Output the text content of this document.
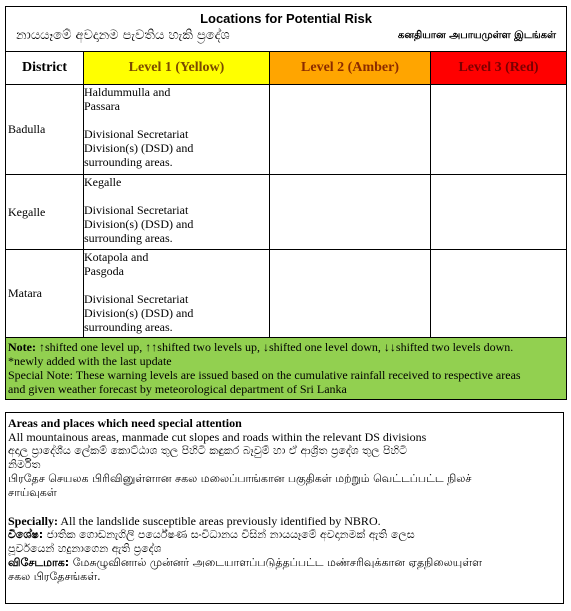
Locations for Potential Risk
නායයෑමේ අවදානම පැවතිය හැකි ප්‍රදේශ கனதியான அபாயமுள்ள இடங்கள்			

District	Level 1 (Yellow)	Level 2 (Amber)	Level 3 (Red)
Badulla	Haldummulla and
Passara
Divisional Secretariat
Division(s) (DSD) and
surrounding areas.		

Kegalle	Kegalle
Divisional Secretariat
Division(s) (DSD) and
surrounding areas.		

Matara	Kotapola and
Pasgoda
Divisional Secretariat
Division(s) (DSD) and
surrounding areas.		

Note: ↑shifted one level up, ↑↑shifted two levels up, ↓shifted one level down, ↓↓shifted two levels down.
*newly added with the last update
Special Note: These warning levels are issued based on the cumulative rainfall received to respective areas
and given weather forecast by meteorological department of Sri Lanka			
Areas and places which need special attention
All mountainous areas, manmade cut slopes and roads within the relevant DS divisions
අදාල ප්‍රාදේශීය ලේකම් කොට්ඨාශ තුල පිහිටි කඳුකර බෑවුම් හා ඒ ආශ්‍රිත ප්‍රදේශ තුල පිහිටි
නිර්මිත
பிரதேச செயலக பிரிவினுள்ளான சகல மலைப்பாங்கான பகுதிகள் மற்றும் வெட்டப்பட்ட நிலச்
சாய்வுகள்
Specially: All the landslide susceptible areas previously identified by NBRO.
විශේෂ: ජාතික ගොඩනැගිලි පර්යේෂණ සංවිධානය විසින් නායයෑමේ අවදානමක් ඇති ලෙස
පූර්වයෙන් හදුනාගෙන ඇති ප්‍රදේශ
விசேடமாக: மேசுழுவினால் முன்னர் அடையாளப்படுத்தப்பட்ட மண்சரிவுக்கான ஏதநிலையுள்ள
சகல பிரதேசங்கள்.
